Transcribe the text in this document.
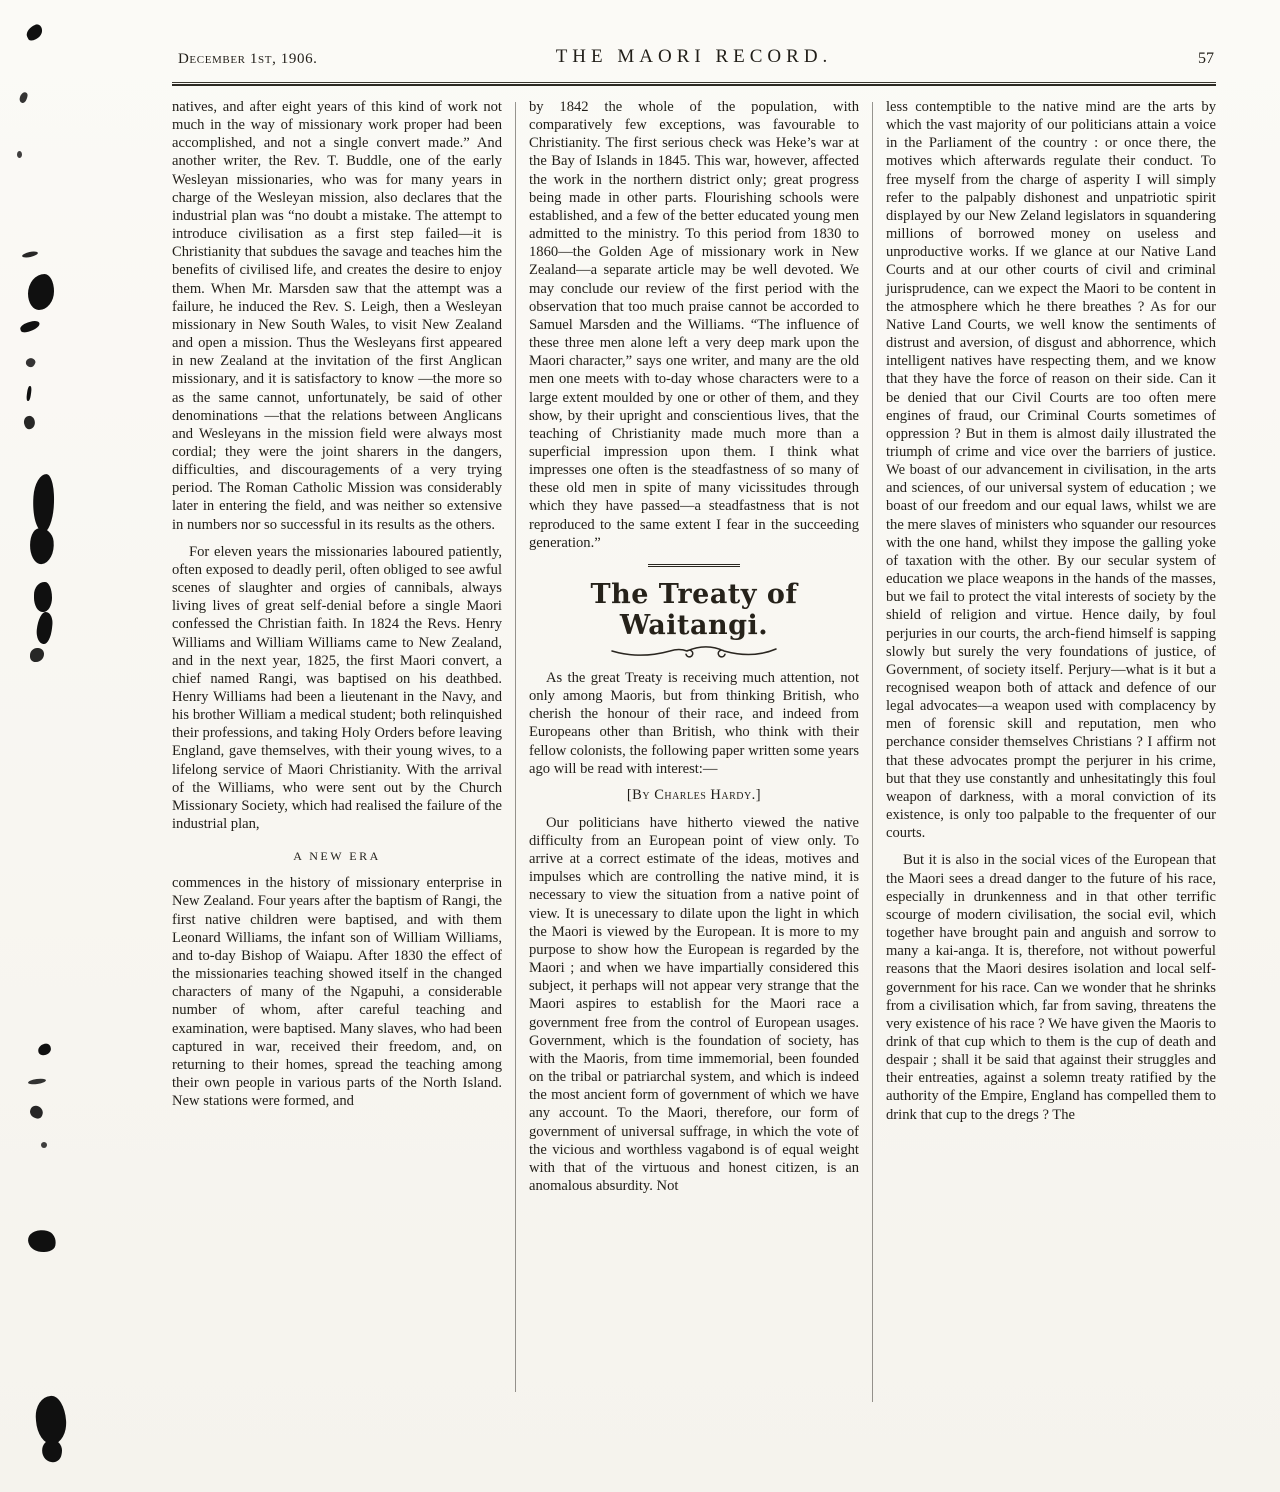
December 1st, 1906.	THE MAORI RECORD.	57

natives, and after eight years of this kind of work not much in the way of missionary work proper had been accomplished, and not a single convert made.” And another writer, the Rev. T. Buddle, one of the early Wesleyan missionaries, who was for many years in charge of the Wesleyan mission, also declares that the industrial plan was “no doubt a mistake. The attempt to introduce civilisation as a first step failed—it is Christianity that subdues the savage and teaches him the benefits of civilised life, and creates the desire to enjoy them. When Mr. Marsden saw that the attempt was a failure, he induced the Rev. S. Leigh, then a Wesleyan missionary in New South Wales, to visit New Zealand and open a mission. Thus the Wesleyans first appeared in new Zealand at the invitation of the first Anglican missionary, and it is satisfactory to know —the more so as the same cannot, unfortunately, be said of other denominations —that the relations between Anglicans and Wesleyans in the mission field were always most cordial; they were the joint sharers in the dangers, difficulties, and discouragements of a very trying period. The Roman Catholic Mission was considerably later in entering the field, and was neither so extensive in numbers nor so successful in its results as the others.

For eleven years the missionaries laboured patiently, often exposed to deadly peril, often obliged to see awful scenes of slaughter and orgies of cannibals, always living lives of great self-denial before a single Maori confessed the Christian faith. In 1824 the Revs. Henry Williams and William Williams came to New Zealand, and in the next year, 1825, the first Maori convert, a chief named Rangi, was baptised on his deathbed. Henry Williams had been a lieutenant in the Navy, and his brother William a medical student; both relinquished their professions, and taking Holy Orders before leaving England, gave themselves, with their young wives, to a lifelong service of Maori Christianity. With the arrival of the Williams, who were sent out by the Church Missionary Society, which had realised the failure of the industrial plan,

A NEW ERA

commences in the history of missionary enterprise in New Zealand. Four years after the baptism of Rangi, the first native children were baptised, and with them Leonard Williams, the infant son of William Williams, and to-day Bishop of Waiapu. After 1830 the effect of the missionaries teaching showed itself in the changed characters of many of the Ngapuhi, a considerable number of whom, after careful teaching and examination, were baptised. Many slaves, who had been captured in war, received their freedom, and, on returning to their homes, spread the teaching among their own people in various parts of the North Island. New stations were formed, and

by 1842 the whole of the population, with comparatively few exceptions, was favourable to Christianity. The first serious check was Heke’s war at the Bay of Islands in 1845. This war, however, affected the work in the northern district only; great progress being made in other parts. Flourishing schools were established, and a few of the better educated young men admitted to the ministry. To this period from 1830 to 1860—the Golden Age of missionary work in New Zealand—a separate article may be well devoted. We may conclude our review of the first period with the observation that too much praise cannot be accorded to Samuel Marsden and the Williams. “The influence of these three men alone left a very deep mark upon the Maori character,” says one writer, and many are the old men one meets with to-day whose characters were to a large extent moulded by one or other of them, and they show, by their upright and conscientious lives, that the teaching of Christianity made much more than a superficial impression upon them. I think what impresses one often is the steadfastness of so many of these old men in spite of many vicissitudes through which they have passed—a steadfastness that is not reproduced to the same extent I fear in the succeeding generation.”

The Treaty of Waitangi.

As the great Treaty is receiving much attention, not only among Maoris, but from thinking British, who cherish the honour of their race, and indeed from Europeans other than British, who think with their fellow colonists, the following paper written some years ago will be read with interest:—

[By Charles Hardy.]

Our politicians have hitherto viewed the native difficulty from an European point of view only. To arrive at a correct estimate of the ideas, motives and impulses which are controlling the native mind, it is necessary to view the situation from a native point of view. It is unecessary to dilate upon the light in which the Maori is viewed by the European. It is more to my purpose to show how the European is regarded by the Maori ; and when we have impartially considered this subject, it perhaps will not appear very strange that the Maori aspires to establish for the Maori race a government free from the control of European usages. Government, which is the foundation of society, has with the Maoris, from time immemorial, been founded on the tribal or patriarchal system, and which is indeed the most ancient form of government of which we have any account. To the Maori, therefore, our form of government of universal suffrage, in which the vote of the vicious and worthless vagabond is of equal weight with that of the virtuous and honest citizen, is an anomalous absurdity. Not

less contemptible to the native mind are the arts by which the vast majority of our politicians attain a voice in the Parliament of the country : or once there, the motives which afterwards regulate their conduct. To free myself from the charge of asperity I will simply refer to the palpably dishonest and unpatriotic spirit displayed by our New Zeland legislators in squandering millions of borrowed money on useless and unproductive works. If we glance at our Native Land Courts and at our other courts of civil and criminal jurisprudence, can we expect the Maori to be content in the atmosphere which he there breathes ? As for our Native Land Courts, we well know the sentiments of distrust and aversion, of disgust and abhorrence, which intelligent natives have respecting them, and we know that they have the force of reason on their side. Can it be denied that our Civil Courts are too often mere engines of fraud, our Criminal Courts sometimes of oppression ? But in them is almost daily illustrated the triumph of crime and vice over the barriers of justice. We boast of our advancement in civilisation, in the arts and sciences, of our universal system of education ; we boast of our freedom and our equal laws, whilst we are the mere slaves of ministers who squander our resources with the one hand, whilst they impose the galling yoke of taxation with the other. By our secular system of education we place weapons in the hands of the masses, but we fail to protect the vital interests of society by the shield of religion and virtue. Hence daily, by foul perjuries in our courts, the arch-fiend himself is sapping slowly but surely the very foundations of justice, of Government, of society itself. Perjury—what is it but a recognised weapon both of attack and defence of our legal advocates—a weapon used with complacency by men of forensic skill and reputation, men who perchance consider themselves Christians ? I affirm not that these advocates prompt the perjurer in his crime, but that they use constantly and unhesitatingly this foul weapon of darkness, with a moral conviction of its existence, is only too palpable to the frequenter of our courts.

But it is also in the social vices of the European that the Maori sees a dread danger to the future of his race, especially in drunkenness and in that other terrific scourge of modern civilisation, the social evil, which together have brought pain and anguish and sorrow to many a kai-anga. It is, therefore, not without powerful reasons that the Maori desires isolation and local self-government for his race. Can we wonder that he shrinks from a civilisation which, far from saving, threatens the very existence of his race ? We have given the Maoris to drink of that cup which to them is the cup of death and despair ; shall it be said that against their struggles and their entreaties, against a solemn treaty ratified by the authority of the Empire, England has compelled them to drink that cup to the dregs ? The
